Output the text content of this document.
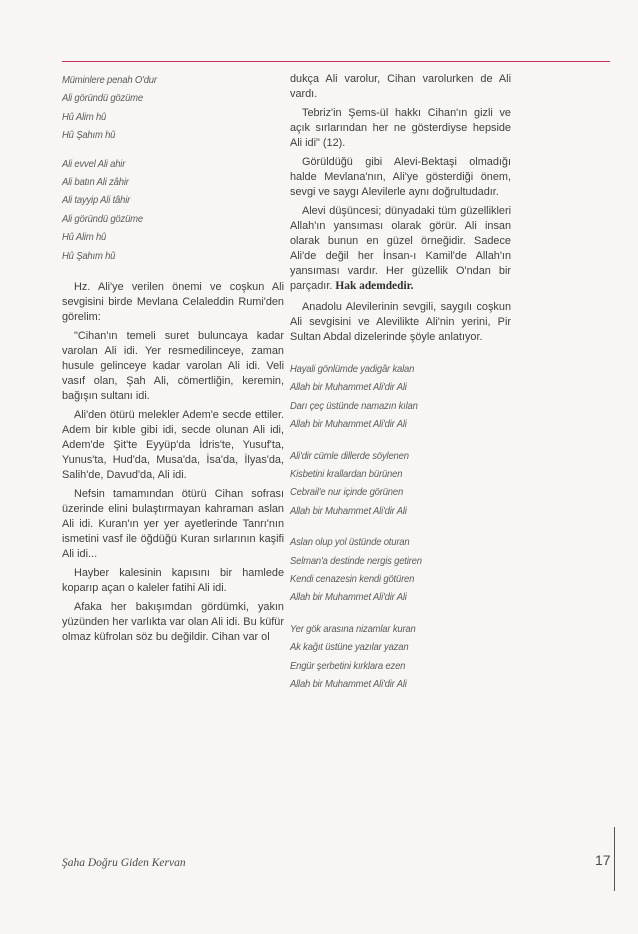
Müminlere penah O'dur
Ali göründü gözüme
Hû Alim hû
Hû Şahım hû
Ali evvel Ali ahir
Ali batın Ali zâhir
Ali tayyip Ali tâhir
Ali göründü gözüme
Hû Alim hû
Hû Şahım hû

Hz. Ali'ye verilen önemi ve coşkun Ali sevgisini birde Mevlana Celaleddin Rumi'den görelim:

"Cihan'ın temeli suret buluncaya kadar varolan Ali idi. Yer resmedilinceye, zaman husule gelinceye kadar varolan Ali idi. Veli vasıf olan, Şah Ali, cömertliğin, keremin, bağışın sultanı idi.

Ali'den ötürü melekler Adem'e secde ettiler. Adem bir kıble gibi idi, secde olunan Ali idi, Adem'de Şit'te Eyyüp'da İdris'te, Yusuf'ta, Yunus'ta, Hud'da, Musa'da, İsa'da, İlyas'da, Salih'de, Davud'da, Ali idi.

Nefsin tamamından ötürü Cihan sofrası üzerinde elini bulaştırmayan kahraman aslan Ali idi. Kuran'ın yer yer ayetlerinde Tanrı'nın ismetini vasf ile öğdüğü Kuran sırlarının kaşifi Ali idi...

Hayber kalesinin kapısını bir hamlede koparıp açan o kaleler fatihi Ali idi.

Afaka her bakışımdan gördümki, yakın yüzünden her varlıkta var olan Ali idi. Bu küfür olmaz küfrolan söz bu değildir. Cihan var ol

dukça Ali varolur, Cihan varolurken de Ali vardı.

Tebriz'in Şems-ül hakkı Cihan'ın gizli ve açık sırlarından her ne gösterdiyse hepside Ali idi" (12).

Görüldüğü gibi Alevi-Bektaşi olmadığı halde Mevlana'nın, Ali'ye gösterdiği önem, sevgi ve saygı Alevilerle aynı doğrultudadır.

Alevi düşüncesi; dünyadaki tüm güzellikleri Allah'ın yansıması olarak görür. Ali insan olarak bunun en güzel örneğidir. Sadece Ali'de değil her İnsan-ı Kamil'de Allah'ın yansıması vardır. Her güzellik O'ndan bir parçadır. Hak ademdedir.

Anadolu Alevilerinin sevgili, saygılı coşkun Ali sevgisini ve Alevilikte Ali'nin yerini, Pir Sultan Abdal dizelerinde şöyle anlatıyor.

Hayali gönlümde yadigâr kalan
Allah bir Muhammet Ali'dir Ali
Darı çeç üstünde namazın kılan
Allah bir Muhammet Ali'dir Ali
Ali'dir cümle dillerde söylenen
Kisbetini krallardan bürünen
Cebrail'e nur içinde görünen
Allah bir Muhammet Ali'dir Ali
Aslan olup yol üstünde oturan
Selman'a destinde nergis getiren
Kendi cenazesin kendi götüren
Allah bir Muhammet Ali'dir Ali
Yer gök arasına nizamlar kuran
Ak kağıt üstüne yazılar yazan
Engür şerbetini kırklara ezen
Allah bir Muhammet Ali'dir Ali
Şaha Doğru Giden Kervan	17
